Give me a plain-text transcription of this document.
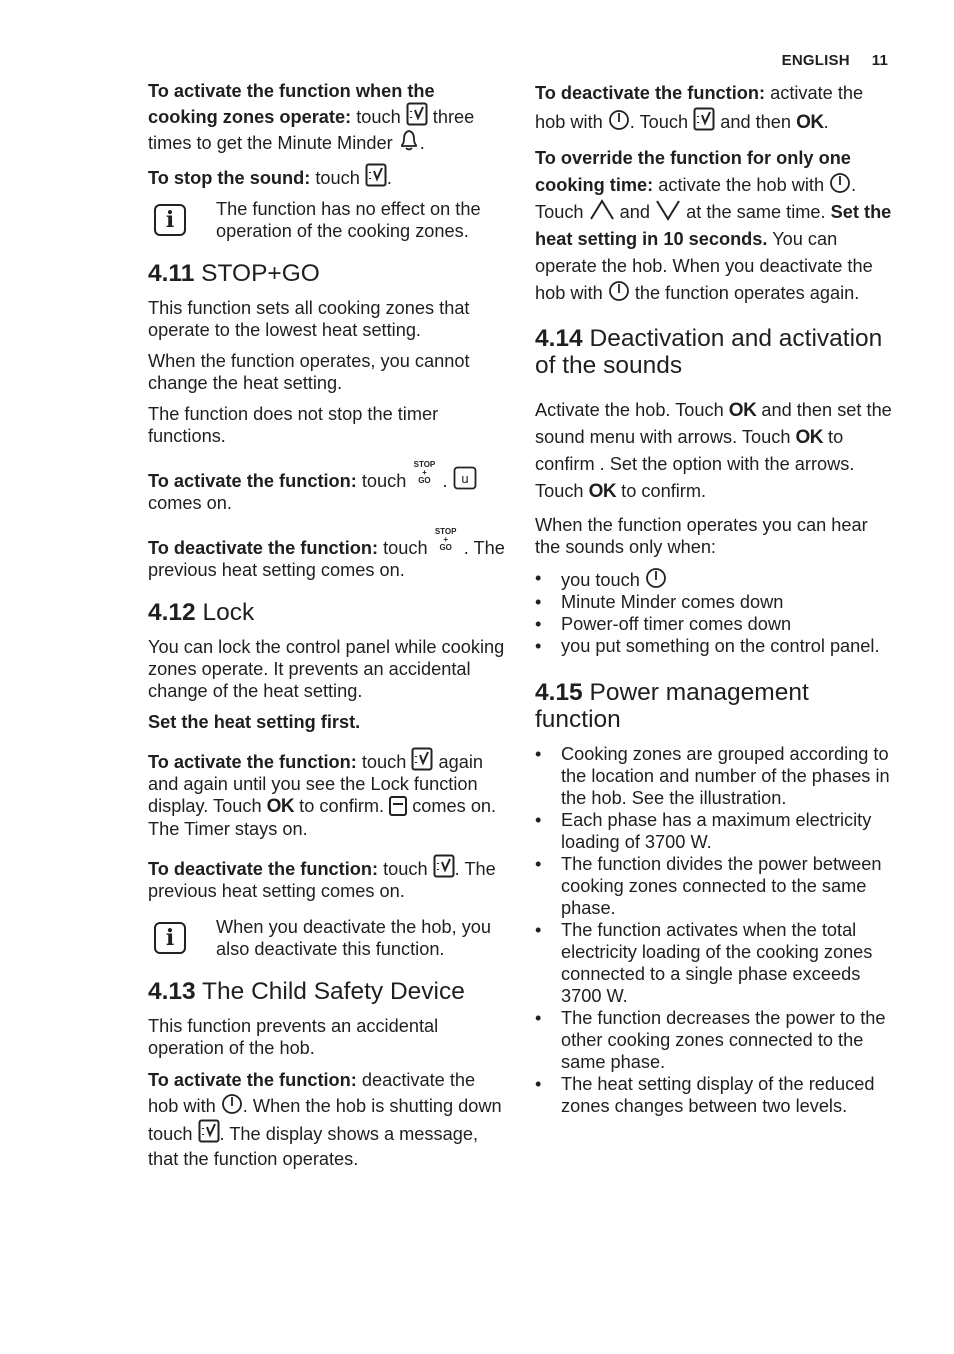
ENGLISH 11

To activate the function when the cooking zones operate: touch  three times to get the Minute Minder .

To stop the sound: touch .

i	The function has no effect on the operation of the cooking zones.
4.11 STOP+GO

This function sets all cooking zones that operate to the lowest heat setting.

When the function operates, you cannot change the heat setting.

The function does not stop the timer functions.

To activate the function: touch STOP
+
GO . u
comes on.

To deactivate the function: touch STOP
+
GO . The previous heat setting comes on.

4.12 Lock

You can lock the control panel while cooking zones operate. It prevents an accidental change of the heat setting.

Set the heat setting first.

To activate the function: touch  again and again until you see the Lock function display. Touch OK to confirm.  comes on. The Timer stays on.

To deactivate the function: touch . The previous heat setting comes on.

i	When you deactivate the hob, you also deactivate this function.
4.13 The Child Safety Device

This function prevents an accidental operation of the hob.

To activate the function: deactivate the hob with . When the hob is shutting down touch . The display shows a message, that the function operates.

To deactivate the function: activate the hob with . Touch  and then OK.

To override the function for only one cooking time: activate the hob with . Touch  and  at the same time. Set the heat setting in 10 seconds. You can operate the hob. When you deactivate the hob with  the function operates again.

4.14 Deactivation and activation of the sounds

Activate the hob. Touch OK and then set the sound menu with arrows. Touch OK to confirm . Set the option with the arrows. Touch OK to confirm.

When the function operates you can hear the sounds only when:

• you touch
• Minute Minder comes down
• Power-off timer comes down
• you put something on the control panel.
4.15 Power management function
• Cooking zones are grouped according to the location and number of the phases in the hob. See the illustration.
• Each phase has a maximum electricity loading of 3700 W.
• The function divides the power between cooking zones connected to the same phase.
• The function activates when the total electricity loading of the cooking zones connected to a single phase exceeds 3700 W.
• The function decreases the power to the other cooking zones connected to the same phase.
• The heat setting display of the reduced zones changes between two levels.
